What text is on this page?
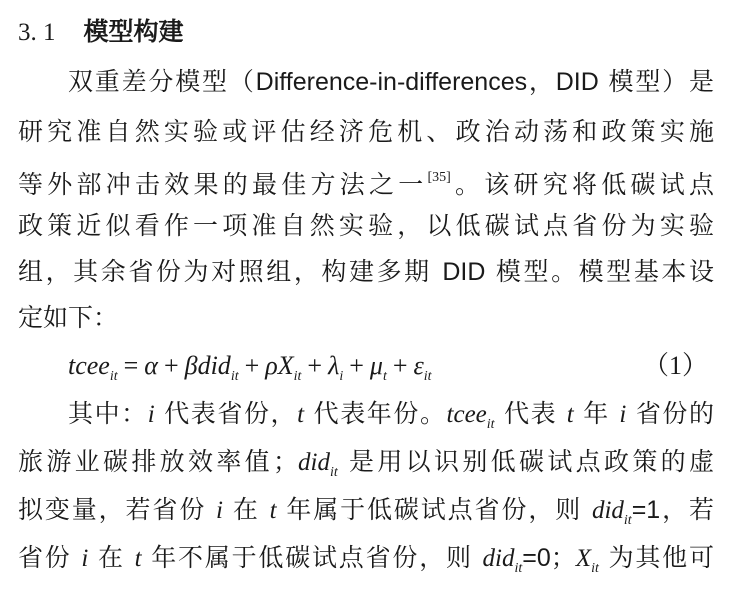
3. 1 模型构建
双重差分模型（Difference-in-differences，DID 模型）是
研究准自然实验或评估经济危机、政治动荡和政策实施
等外部冲击效果的最佳方法之一[35]。该研究将低碳试点
政策近似看作一项准自然实验，以低碳试点省份为实验
组，其余省份为对照组，构建多期 DID 模型。模型基本设
定如下：
tcee$_{it}$ = $\alpha + \beta did_{it} + \rho X_{it} + \lambda_i + \mu_t + \varepsilon_{it}$	（1）
其中：i 代表省份，t 代表年份。tcee$_{it}$ 代表 t 年 i 省份的
旅游业碳排放效率值；did$_{it}$ 是用以识别低碳试点政策的虚
拟变量，若省份 i 在 t 年属于低碳试点省份，则 did$_{it}$=1，若
省份 i 在 t 年不属于低碳试点省份，则 did$_{it}$=0；$X_{it}$ 为其他可
